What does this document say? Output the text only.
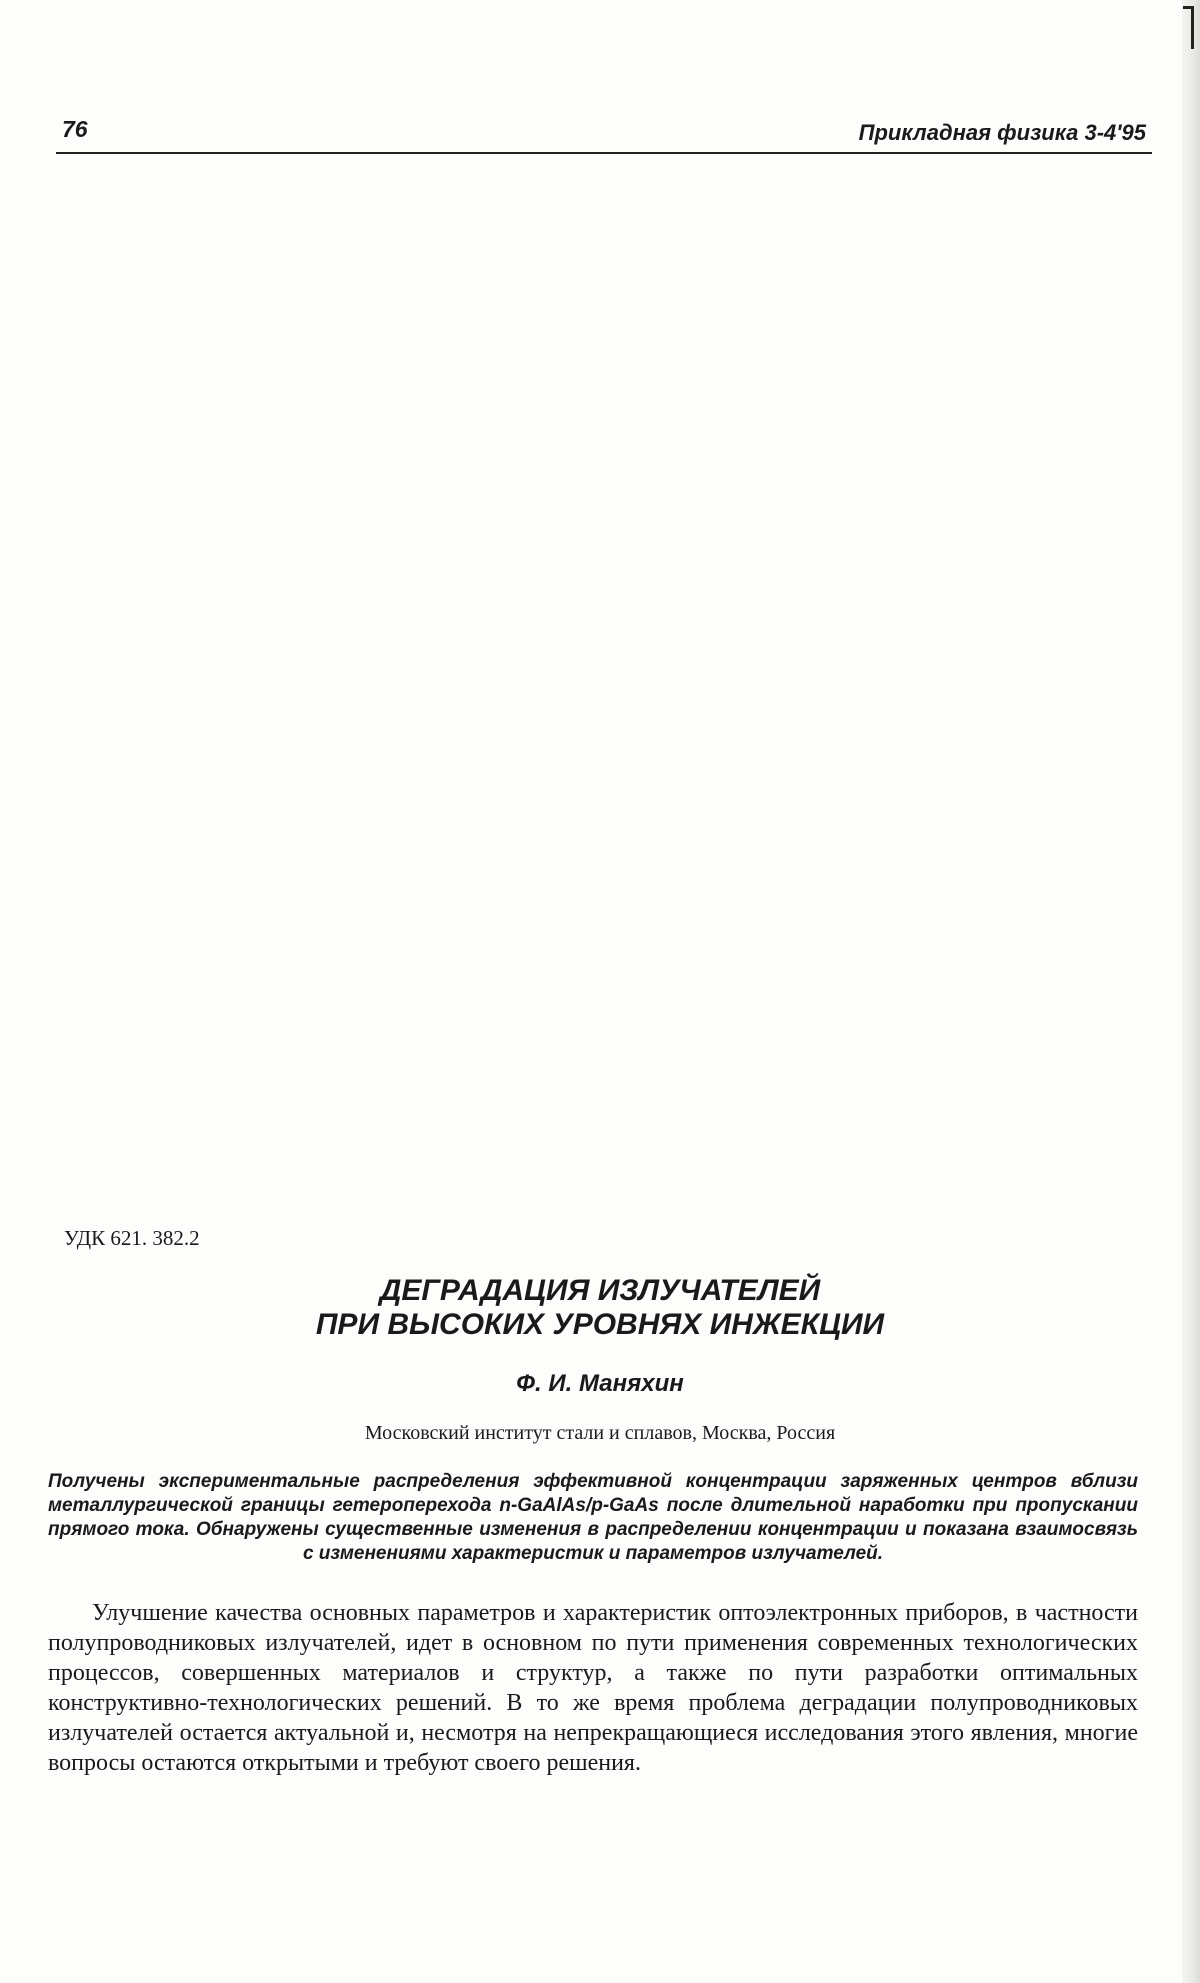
76	Прикладная физика 3-4'95
УДК 621. 382.2
ДЕГРАДАЦИЯ ИЗЛУЧАТЕЛЕЙ
ПРИ ВЫСОКИХ УРОВНЯХ ИНЖЕКЦИИ
Ф. И. Маняхин
Московский институт стали и сплавов, Москва, Россия
Получены экспериментальные распределения эффективной концентрации заряженных центров вблизи металлургической границы гетероперехода n-GaAlAs/p-GaAs после длительной наработки при пропускании прямого тока. Обнаружены существенные изменения в распределении концентрации и показана взаимосвязь с изменениями характеристик и параметров излучателей.

Улучшение качества основных параметров и характеристик оптоэлектронных приборов, в частности полупроводниковых излучателей, идет в основном по пути применения современных технологических процессов, совершенных материалов и структур, а также по пути разработки оптимальных конструктивно-технологических решений. В то же время проблема деградации полупроводниковых излучателей остается актуальной и, несмотря на непрекращающиеся исследования этого явления, многие вопросы остаются открытыми и требуют своего решения.
